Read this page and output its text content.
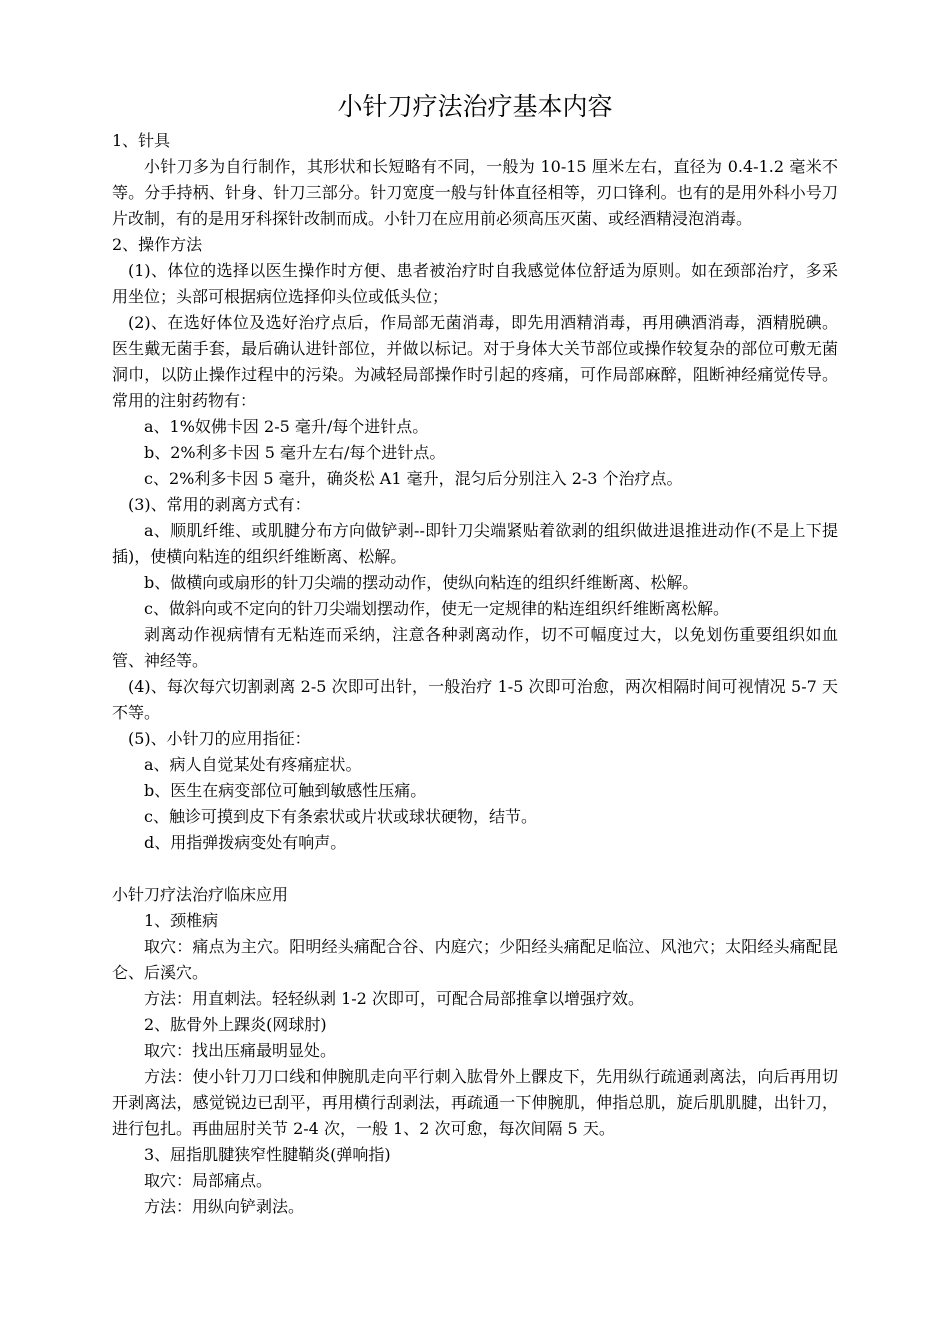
小针刀疗法治疗基本内容

1、针具

小针刀多为自行制作，其形状和长短略有不同，一般为 10-15 厘米左右，直径为 0.4-1.2 毫米不等。分手持柄、针身、针刀三部分。针刀宽度一般与针体直径相等，刃口锋利。也有的是用外科小号刀片改制，有的是用牙科探针改制而成。小针刀在应用前必须高压灭菌、或经酒精浸泡消毒。

2、操作方法

(1)、体位的选择以医生操作时方便、患者被治疗时自我感觉体位舒适为原则。如在颈部治疗，多采用坐位；头部可根据病位选择仰头位或低头位；

(2)、在选好体位及选好治疗点后，作局部无菌消毒，即先用酒精消毒，再用碘酒消毒，酒精脱碘。医生戴无菌手套，最后确认进针部位，并做以标记。对于身体大关节部位或操作较复杂的部位可敷无菌洞巾，以防止操作过程中的污染。为减轻局部操作时引起的疼痛，可作局部麻醉，阻断神经痛觉传导。常用的注射药物有：

a、1%奴佛卡因 2-5 毫升/每个进针点。

b、2%利多卡因 5 毫升左右/每个进针点。

c、2%利多卡因 5 毫升，确炎松 A1 毫升，混匀后分别注入 2-3 个治疗点。

(3)、常用的剥离方式有：

a、顺肌纤维、或肌腱分布方向做铲剥--即针刀尖端紧贴着欲剥的组织做进退推进动作(不是上下提插)，使横向粘连的组织纤维断离、松解。

b、做横向或扇形的针刀尖端的摆动动作，使纵向粘连的组织纤维断离、松解。

c、做斜向或不定向的针刀尖端划摆动作，使无一定规律的粘连组织纤维断离松解。

剥离动作视病情有无粘连而采纳，注意各种剥离动作，切不可幅度过大，以免划伤重要组织如血管、神经等。

(4)、每次每穴切割剥离 2-5 次即可出针，一般治疗 1-5 次即可治愈，两次相隔时间可视情况 5-7 天不等。

(5)、小针刀的应用指征：

a、病人自觉某处有疼痛症状。

b、医生在病变部位可触到敏感性压痛。

c、触诊可摸到皮下有条索状或片状或球状硬物，结节。

d、用指弹拨病变处有响声。

小针刀疗法治疗临床应用

1、颈椎病

取穴：痛点为主穴。阳明经头痛配合谷、内庭穴；少阳经头痛配足临泣、风池穴；太阳经头痛配昆仑、后溪穴。

方法：用直刺法。轻轻纵剥 1-2 次即可，可配合局部推拿以增强疗效。

2、肱骨外上踝炎(网球肘)

取穴：找出压痛最明显处。

方法：使小针刀刀口线和伸腕肌走向平行刺入肱骨外上髁皮下，先用纵行疏通剥离法，向后再用切开剥离法，感觉锐边已刮平，再用横行刮剥法，再疏通一下伸腕肌，伸指总肌，旋后肌肌腱，出针刀，进行包扎。再曲屈肘关节 2-4 次，一般 1、2 次可愈，每次间隔 5 天。

3、屈指肌腱狭窄性腱鞘炎(弹响指)

取穴：局部痛点。

方法：用纵向铲剥法。
